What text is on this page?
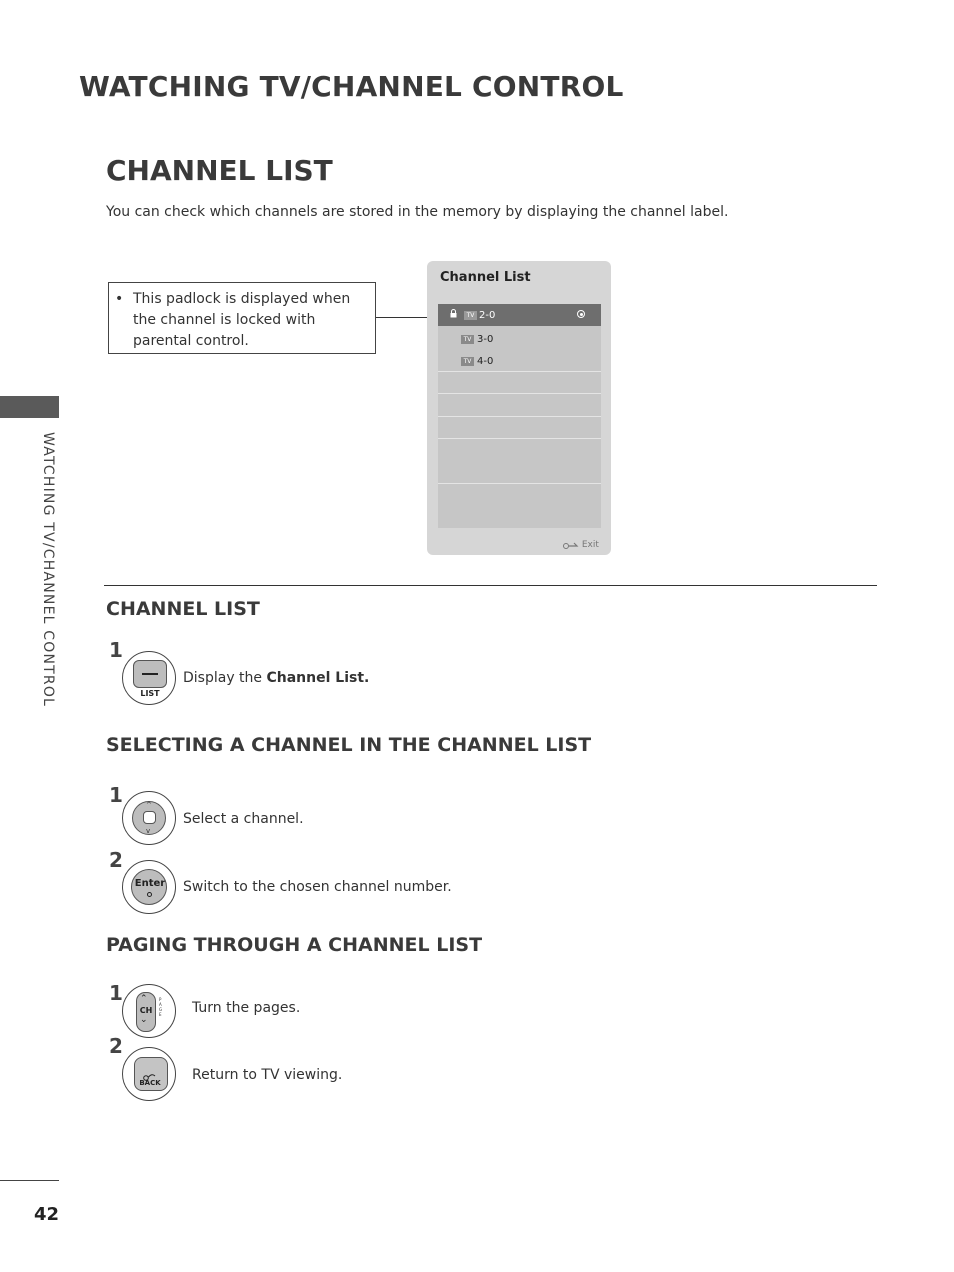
WATCHING TV/CHANNEL CONTROL
CHANNEL LIST
You can check which channels are stored in the memory by displaying the channel label.
WATCHING TV/CHANNEL CONTROL
• This padlock is displayed when the channel is locked with parental control.
Channel List
TV 2-0
TV 3-0
TV 4-0
Exit
CHANNEL LIST
1
LIST
Display the Channel List.
SELECTING A CHANNEL IN THE CHANNEL LIST
1	^
v
Select a channel.
2
Enter	Switch to the chosen channel number.
PAGING THROUGH A CHANNEL LIST
1 ⌃
CH
⌄
PAGE Turn the pages.
2
BACK	Return to TV viewing.
42
